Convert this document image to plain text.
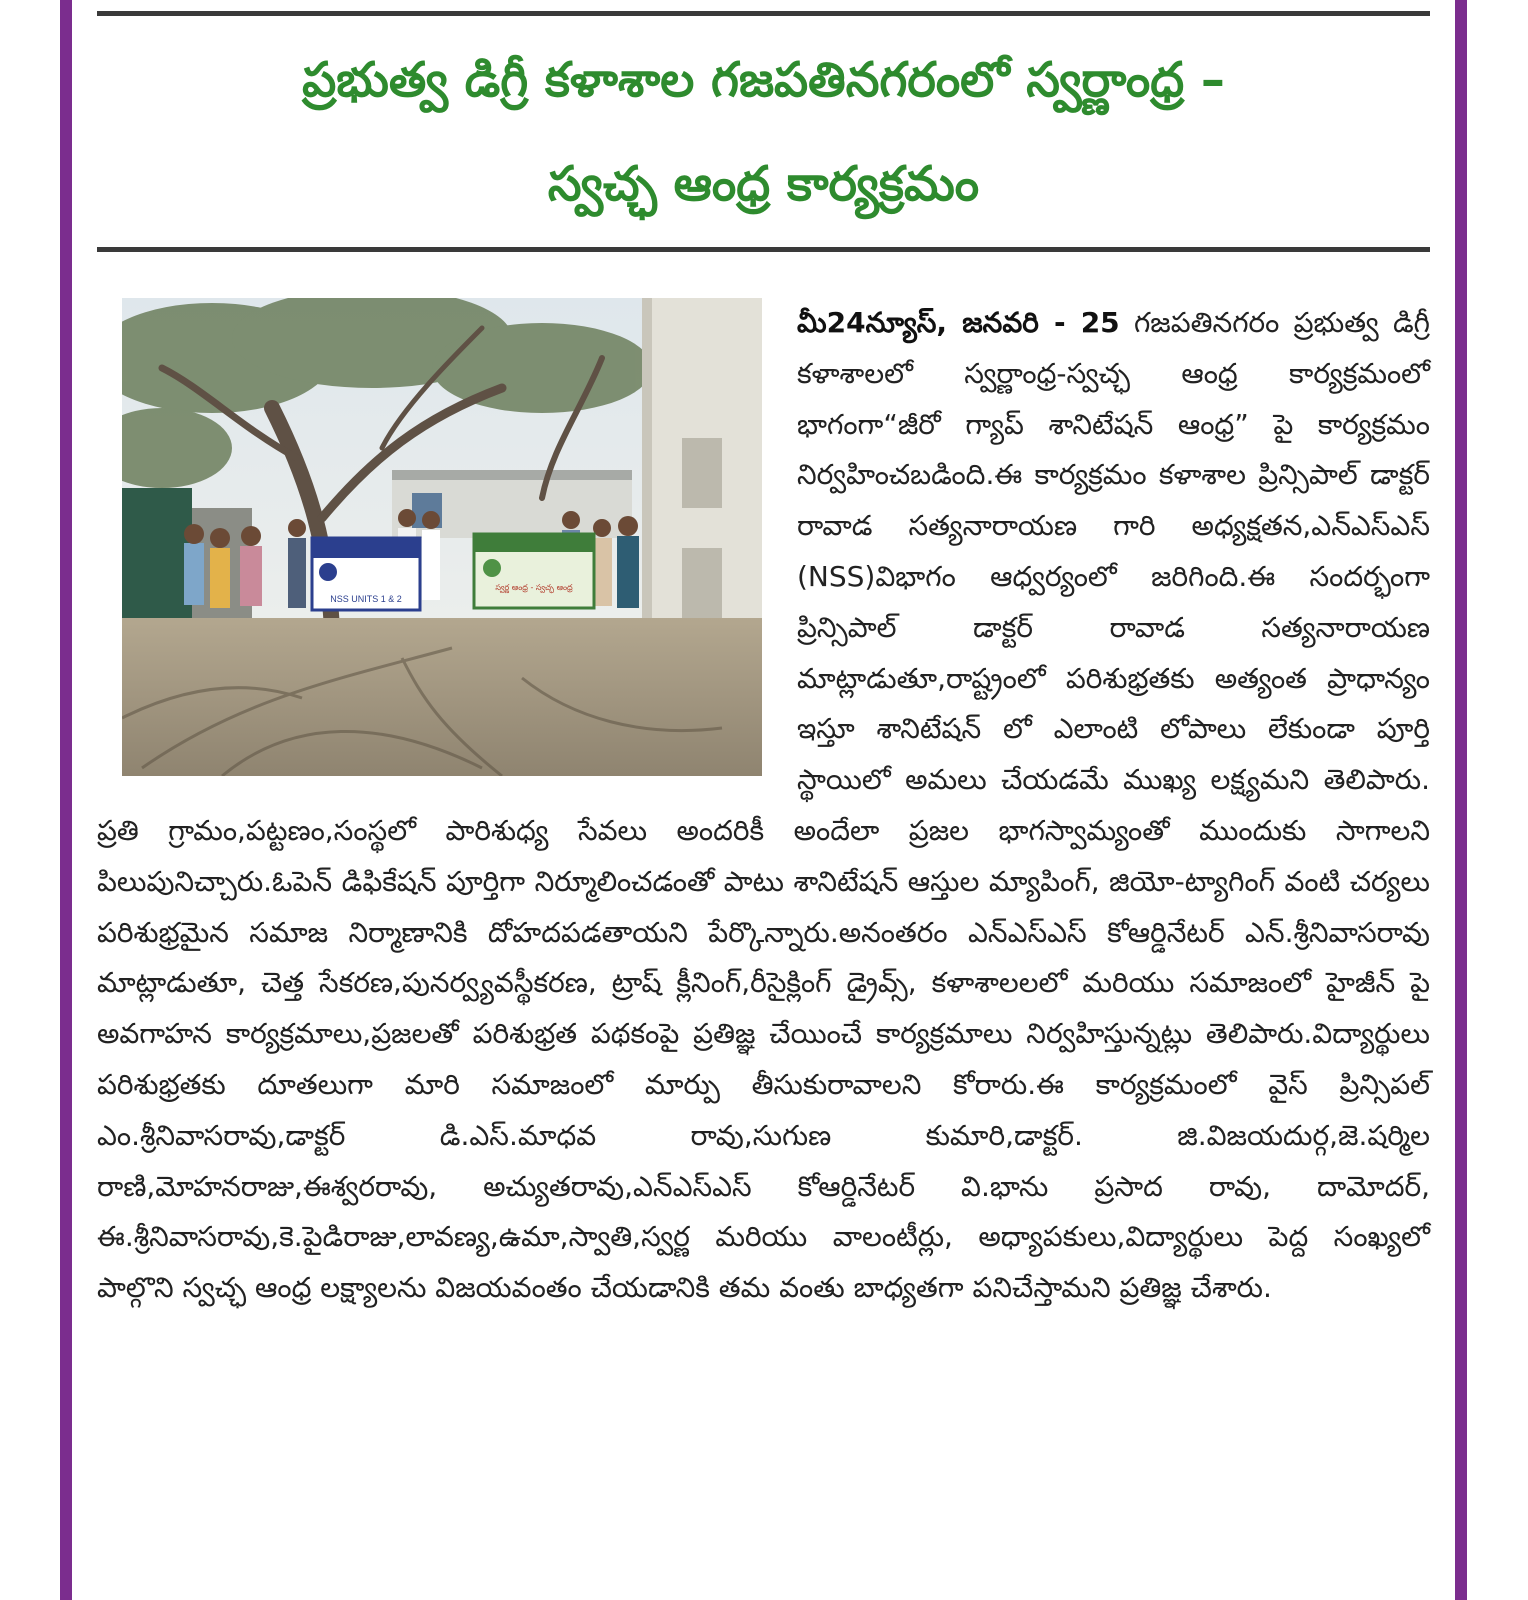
ప్రభుత్వ డిగ్రీ కళాశాల గజపతినగరంలో స్వర్ణాంధ్ర –
స్వచ్ఛ ఆంధ్ర కార్యక్రమం
NSS UNITS 1 & 2
స్వర్ణ ఆంధ్ర - స్వచ్ఛ ఆంధ్ర
మీ24న్యూస్, జనవరి - 25 గజపతినగరం ప్రభుత్వ డిగ్రీ కళాశాలలో స్వర్ణాంధ్ర-స్వచ్ఛ ఆంధ్ర కార్యక్రమంలో భాగంగా“జీరో గ్యాప్ శానిటేషన్ ఆంధ్ర” పై కార్యక్రమం నిర్వహించబడింది.ఈ కార్యక్రమం కళాశాల ప్రిన్సిపాల్ డాక్టర్ రావాడ సత్యనారాయణ గారి అధ్యక్షతన,ఎన్ఎస్ఎస్ (NSS)విభాగం ఆధ్వర్యంలో జరిగింది.ఈ సందర్భంగా ప్రిన్సిపాల్ డాక్టర్ రావాడ సత్యనారాయణ మాట్లాడుతూ,రాష్ట్రంలో పరిశుభ్రతకు అత్యంత ప్రాధాన్యం ఇస్తూ శానిటేషన్ లో ఎలాంటి లోపాలు లేకుండా పూర్తి స్థాయిలో అమలు చేయడమే ముఖ్య లక్ష్యమని తెలిపారు. ప్రతి గ్రామం,పట్టణం,సంస్థలో పారిశుధ్య సేవలు అందరికీ అందేలా ప్రజల భాగస్వామ్యంతో ముందుకు సాగాలని పిలుపునిచ్చారు.ఓపెన్ డిఫికేషన్ పూర్తిగా నిర్మూలించడంతో పాటు శానిటేషన్ ఆస్తుల మ్యాపింగ్, జియో-ట్యాగింగ్ వంటి చర్యలు పరిశుభ్రమైన సమాజ నిర్మాణానికి దోహదపడతాయని పేర్కొన్నారు.అనంతరం ఎన్ఎస్ఎస్ కోఆర్డినేటర్ ఎన్.శ్రీనివాసరావు మాట్లాడుతూ, చెత్త సేకరణ,పునర్వ్యవస్థీకరణ, ట్రాష్ క్లీనింగ్,రీసైక్లింగ్ డ్రైవ్స్, కళాశాలలలో మరియు సమాజంలో హైజీన్ పై అవగాహన కార్యక్రమాలు,ప్రజలతో పరిశుభ్రత పథకంపై ప్రతిజ్ఞ చేయించే కార్యక్రమాలు నిర్వహిస్తున్నట్లు తెలిపారు.విద్యార్థులు పరిశుభ్రతకు దూతలుగా మారి సమాజంలో మార్పు తీసుకురావాలని కోరారు.ఈ కార్యక్రమంలో వైస్ ప్రిన్సిపల్ ఎం.శ్రీనివాసరావు,డాక్టర్ డి.ఎస్.మాధవ రావు,సుగుణ కుమారి,డాక్టర్. జి.విజయదుర్గ,జె.షర్మిల రాణి,మోహనరాజు,ఈశ్వరరావు, అచ్యుతరావు,ఎన్ఎస్ఎస్ కోఆర్డినేటర్ వి.భాను ప్రసాద రావు, దామోదర్, ఈ.శ్రీనివాసరావు,కె.పైడిరాజు,లావణ్య,ఉమా,స్వాతి,స్వర్ణ మరియు వాలంటీర్లు, అధ్యాపకులు,విద్యార్థులు పెద్ద సంఖ్యలో పాల్గొని స్వచ్ఛ ఆంధ్ర లక్ష్యాలను విజయవంతం చేయడానికి తమ వంతు బాధ్యతగా పనిచేస్తామని ప్రతిజ్ఞ చేశారు.
